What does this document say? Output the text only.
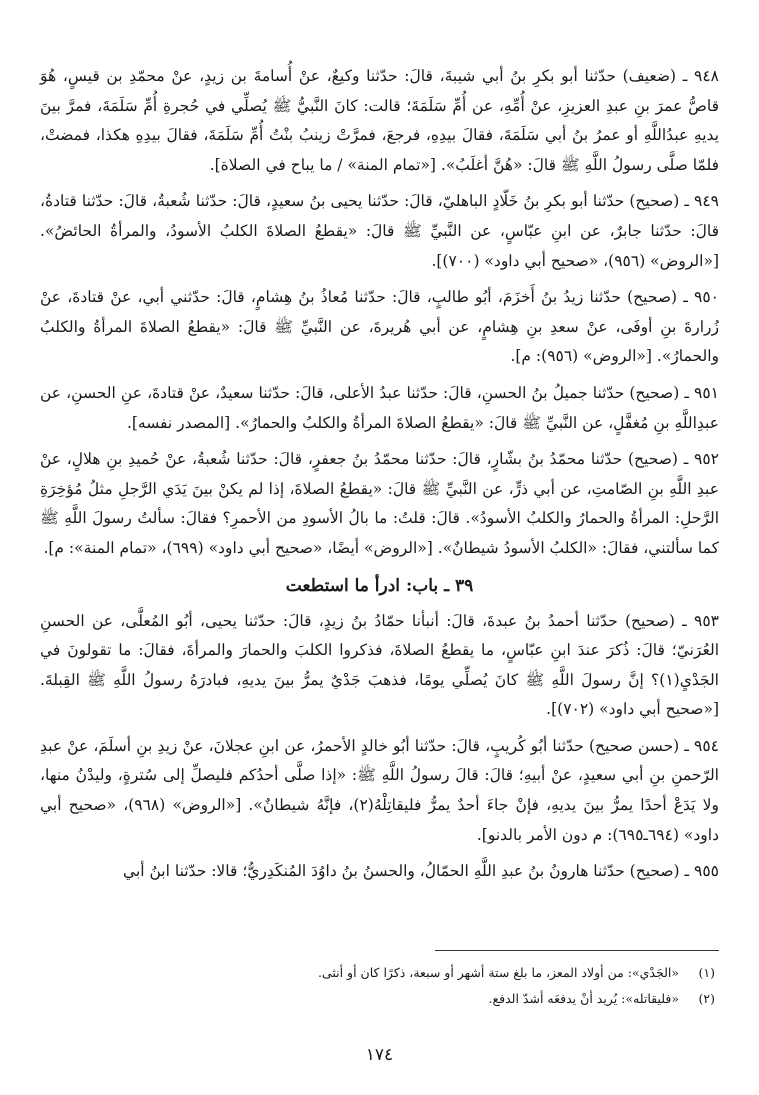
٩٤٨ ـ (ضعيف) حدّثنا أبو بكرِ بنُ أبي شيبةَ، قالَ: حدّثنا وكيعٌ، عنْ أُسامةَ بن زيدٍ، عنْ محمّدِ بن قيسٍ، هُوَ قاصُّ عمرَ بنِ عبدِ العزيزِ، عنْ أُمِّهِ، عن أُمِّ سَلَمَةَ؛ قالت: كانَ النَّبيُّ ﷺ يُصلِّي في حُجرةِ أُمِّ سَلَمَةَ، فمرَّ بينَ يديهِ عبدُاللَّهِ أو عمرُ بنُ أبي سَلَمَةَ، فقالَ بيدِهِ، فرجعَ، فمرَّتْ زينبُ بنْتُ أُمِّ سَلَمَةَ، فقالَ بيدِهِ هكذا، فمضتْ، فلمّا صلَّى رسولُ اللَّهِ ﷺ قالَ: «هُنَّ أغلَبُ». [«تمام المنة» / ما يباح في الصلاة].

٩٤٩ ـ (صحيح) حدّثنا أبو بكرِ بنُ خَلّادٍ الباهليّ، قالَ: حدّثنا يحيى بنُ سعيدٍ، قالَ: حدّثنا شُعبةُ، قالَ: حدّثنا قتادةُ، قالَ: حدّثنا جابرٌ، عن ابنِ عبّاسٍ، عن النَّبيِّ ﷺ قالَ: «يقطعُ الصلاةَ الكلبُ الأسودُ، والمرأةُ الحائضُ». [«الروض» (٩٥٦)، «صحيح أبي داود» (٧٠٠)].

٩٥٠ ـ (صحيح) حدّثنا زيدُ بنُ أَخزَمَ، أبُو طالبٍ، قالَ: حدّثنا مُعاذُ بنُ هِشامٍ، قالَ: حدّثني أبي، عنْ قتادةَ، عنْ زُرارةَ بنِ أوفَى، عنْ سعدِ بنِ هِشامٍ، عن أبي هُريرةَ، عن النَّبيِّ ﷺ قالَ: «يقطعُ الصلاةَ المرأةُ والكلبُ والحمارُ». [«الروض» (٩٥٦): م].

٩٥١ ـ (صحيح) حدّثنا جميلُ بنُ الحسنِ، قالَ: حدّثنا عبدُ الأعلى، قالَ: حدّثنا سعيدٌ، عنْ قتادةَ، عنِ الحسنِ، عن عبدِاللَّهِ بنِ مُغفَّلٍ، عن النَّبيِّ ﷺ قالَ: «يقطعُ الصلاةَ المرأةُ والكلبُ والحمارُ». [المصدر نفسه].

٩٥٢ ـ (صحيح) حدّثنا محمّدُ بنُ بشّارٍ، قالَ: حدّثنا محمّدُ بنُ جعفرٍ، قالَ: حدّثنا شُعبةُ، عنْ حُميدِ بنِ هلالٍ، عنْ عبدِ اللَّهِ بنِ الصّامتِ، عن أبي ذرٍّ، عن النَّبيِّ ﷺ قالَ: «يقطعُ الصلاةَ، إذا لم يكنْ بينَ يَدَي الرَّجلِ مثلُ مُؤخِرَةِ الرَّحلِ: المرأةُ والحمارُ والكلبُ الأسودُ». قالَ: قلتُ: ما بالُ الأسودِ من الأحمرِ؟ فقالَ: سألتُ رسولَ اللَّهِ ﷺ كما سألتني، فقالَ: «الكلبُ الأسودُ شيطانٌ». [«الروض» أيضًا، «صحيح أبي داود» (٦٩٩)، «تمام المنة»: م].

٣٩ ـ باب: ادرأ ما استطعت

٩٥٣ ـ (صحيح) حدّثنا أحمدُ بنُ عبدةَ، قالَ: أنبأنا حمّادُ بنُ زيدٍ، قالَ: حدّثنا يحيى، أبُو المُعلَّى، عن الحسنِ العُرَنيّ؛ قالَ: ذُكرَ عندَ ابنِ عبّاسٍ، ما يقطعُ الصلاةَ، فذكروا الكلبَ والحمارَ والمرأةَ، فقالَ: ما تقولونَ في الجَدْيِ(١)؟ إنَّ رسولَ اللَّهِ ﷺ كانَ يُصلِّي يومًا، فذهبَ جَدْيٌ يمرُّ بينَ يديهِ، فبادرَهُ رسولُ اللَّهِ ﷺ القِبلةَ. [«صحيح أبي داود» (٧٠٢)].

٩٥٤ ـ (حسن صحيح) حدّثنا أبُو كُريبٍ، قالَ: حدّثنا أبُو خالدٍ الأحمرُ، عن ابنِ عجلانَ، عنْ زيدِ بنِ أسلَمَ، عنْ عبدِ الرّحمنِ بنِ أبي سعيدٍ، عنْ أبيهِ؛ قالَ: قالَ رسولُ اللَّهِ ﷺ: «إذا صلَّى أحدُكم فليصلِّ إلى سُترةٍ، وليدْنُ منها، ولا يَدَعْ أحدًا يمرُّ بينَ يديهِ، فإنْ جاءَ أحدٌ يمرُّ فليقاتِلْهُ(٢)، فإنَّهُ شيطانٌ». [«الروض» (٩٦٨)، «صحيح أبي داود» (٦٩٤ـ٦٩٥): م دون الأمر بالدنو].

٩٥٥ ـ (صحيح) حدّثنا هارونُ بنُ عبدِ اللَّهِ الحمّالُ، والحسنُ بنُ داوُدَ المُنكَدِريُّ؛ قالا: حدّثنا ابنُ أبي

(١)
«الجَدْي»: من أولاد المعز، ما بلغ ستة أشهر أو سبعة، ذكرًا كان أو أنثى.
(٢)
«فليقاتله»: يُريد أنْ يدفعَه أشدّ الدفع.
١٧٤
